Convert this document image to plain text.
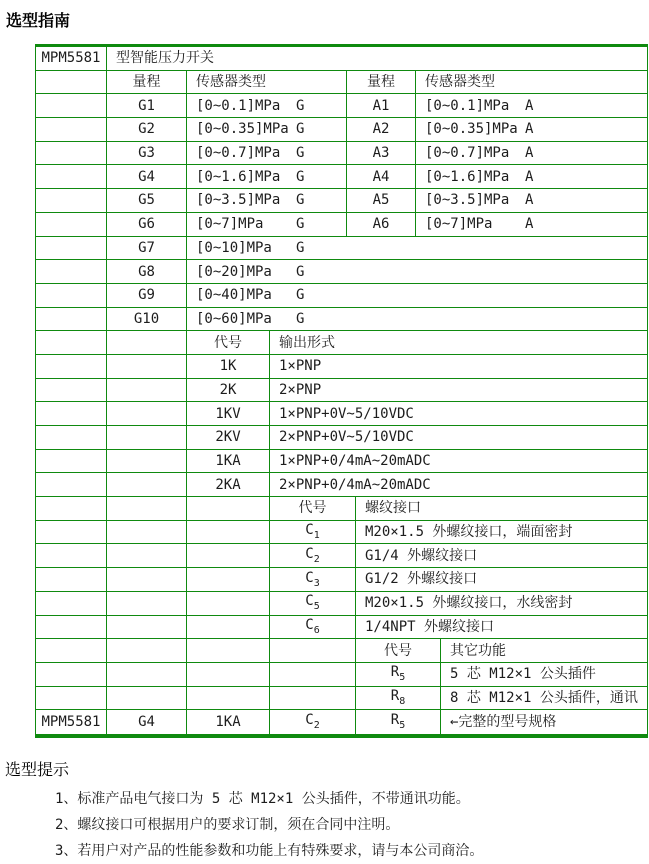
选型指南
MPM5581 型智能压力开关
量程	传感器类型	量程 传感器类型
G1	[0~0.1]MPa	G	A1	[0~0.1]MPa	A
G2	[0~0.35]MPa G	A2	[0~0.35]MPa A
G3	[0~0.7]MPa	G	A3	[0~0.7]MPa	A
G4	[0~1.6]MPa	G	A4	[0~1.6]MPa	A
G5	[0~3.5]MPa	G	A5	[0~3.5]MPa	A
G6	[0~7]MPa	G	A6	[0~7]MPa	A
G7	[0~10]MPa	G
G8	[0~20]MPa	G
G9	[0~40]MPa	G
G10	[0~60]MPa	G
代号	输出形式
1K	1×PNP
2K	2×PNP
1KV	1×PNP+0V~5/10VDC
2KV	2×PNP+0V~5/10VDC
1KA	1×PNP+0/4mA~20mADC
2KA	2×PNP+0/4mA~20mADC
代号	螺纹接口
$C_1$	M20×1.5 外螺纹接口，端面密封
$C_2$	G1/4 外螺纹接口
$C_3$	G1/2 外螺纹接口
$C_5$	M20×1.5 外螺纹接口，水线密封
$C_6$	1/4NPT 外螺纹接口
代号	其它功能
$R_5$	5 芯 M12×1 公头插件
$R_8$	8 芯 M12×1 公头插件，通讯
MPM5581	G4	1KA	$C_2$	$R_5$	←完整的型号规格
选型提示
1、标准产品电气接口为 5 芯 M12×1 公头插件，不带通讯功能。
2、螺纹接口可根据用户的要求订制，须在合同中注明。
3、若用户对产品的性能参数和功能上有特殊要求，请与本公司商洽。
